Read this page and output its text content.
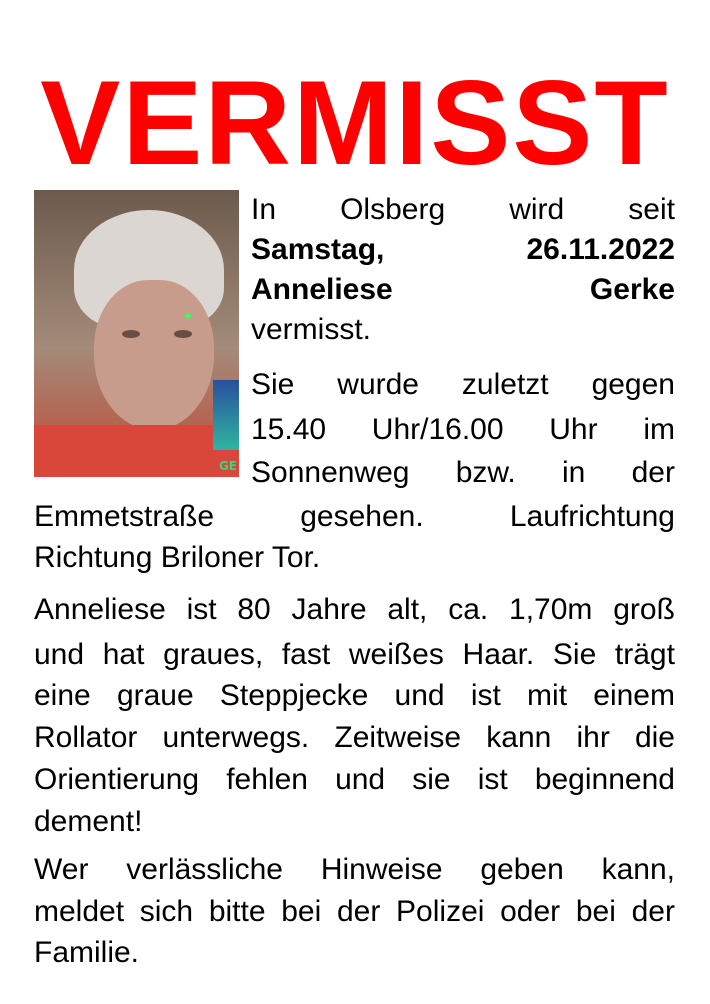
VERMISST
✦
GE
In Olsberg wird seit
Samstag,	26.11.2022
Anneliese	Gerke
vermisst.
Sie wurde zuletzt gegen
15.40 Uhr/16.00 Uhr im
Sonnenweg bzw. in der
Emmetstraße	gesehen.	Laufrichtung
Richtung Briloner Tor.
Anneliese ist 80 Jahre alt, ca. 1,70m groß
und hat graues, fast weißes Haar. Sie trägt
eine graue Steppjecke und ist mit einem
Rollator unterwegs. Zeitweise kann ihr die
Orientierung fehlen und sie ist beginnend
dement!
Wer verlässliche Hinweise geben kann,
meldet sich bitte bei der Polizei oder bei der
Familie.
